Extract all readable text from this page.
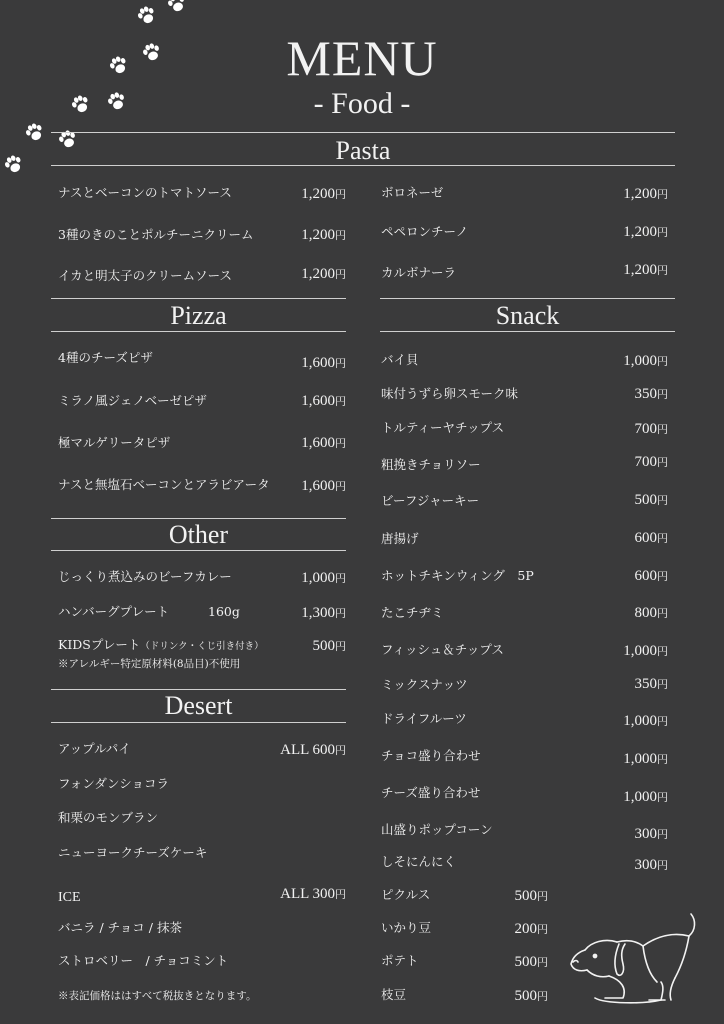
MENU
- Food -
Pasta
ナスとベーコンのトマトソース	1,200円
3種のきのことポルチーニクリーム	1,200円
イカと明太子のクリームソース	1,200円
ボロネーゼ	1,200円
ペペロンチーノ	1,200円
カルボナーラ	1,200円
Pizza
4種のチーズピザ	1,600円
ミラノ風ジェノベーゼピザ	1,600円
極マルゲリータピザ	1,600円
ナスと無塩石ベーコンとアラビアータ	1,600円
Other
じっくり煮込みのビーフカレー	1,000円
ハンバーグプレート	160g	1,300円
KIDSプレート（ドリンク・くじ引き付き）	500円
※アレルギー特定原材料(8品目)不使用
Desert
アップルパイ	ALL 600円
フォンダンショコラ
和栗のモンブラン
ニューヨークチーズケーキ
ICE	ALL 300円
バニラ / チョコ / 抹茶
ストロベリー　/ チョコミント
※表記価格ははすべて税抜きとなります。
Snack
バイ貝	1,000円
味付うずら卵スモーク味	350円
トルティーヤチップス	700円
粗挽きチョリソー	700円
ビーフジャーキー	500円
唐揚げ	600円
ホットチキンウィング　5P	600円
たこチヂミ	800円
フィッシュ＆チップス	1,000円
ミックスナッツ	350円
ドライフルーツ	1,000円
チョコ盛り合わせ	1,000円
チーズ盛り合わせ	1,000円
山盛りポップコーン	300円
しそにんにく	300円
ピクルス	500円
いかり豆	200円
ポテト	500円
枝豆	500円
